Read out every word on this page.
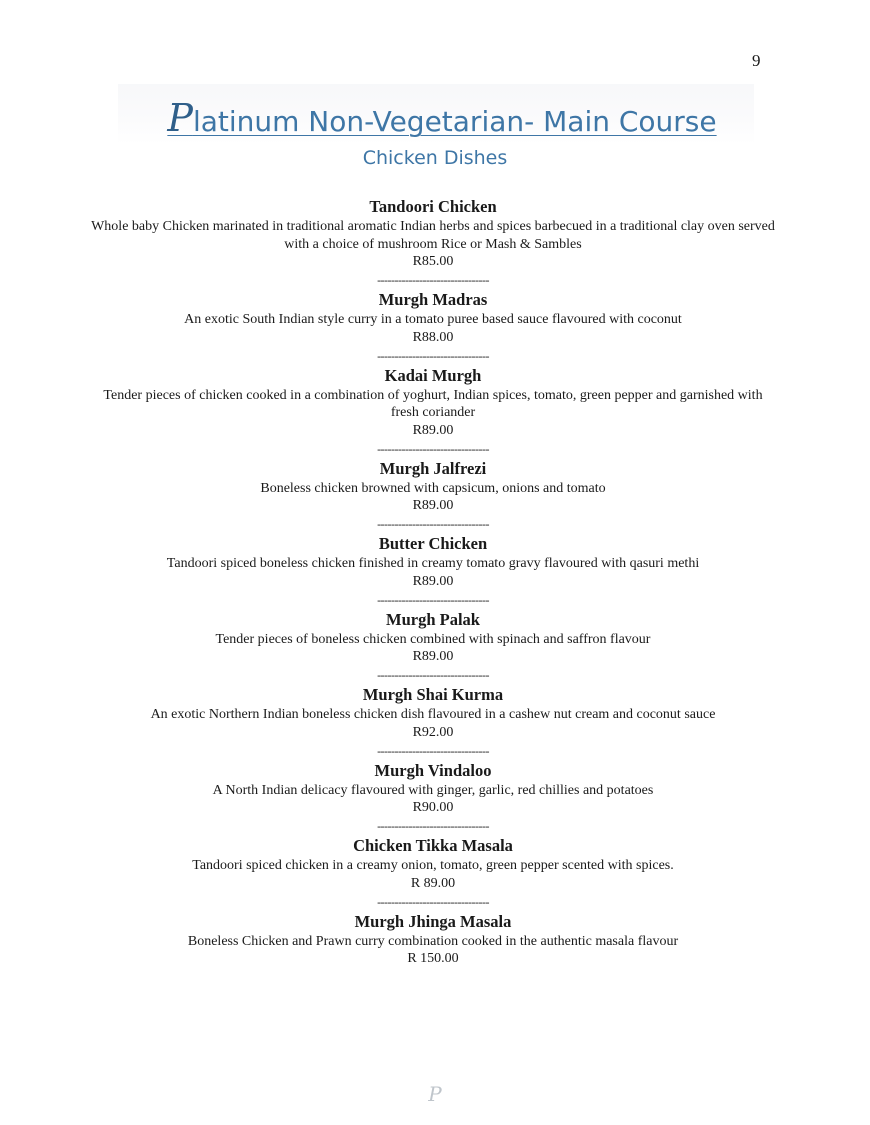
9
Platinum Non-Vegetarian- Main Course
Chicken Dishes
Tandoori Chicken
Whole baby Chicken marinated in traditional aromatic Indian herbs and spices barbecued in a traditional clay oven served with a choice of mushroom Rice or Mash & Sambles
R85.00
--------------------------------
Murgh Madras
An exotic South Indian style curry in a tomato puree based sauce flavoured with coconut
R88.00
--------------------------------
Kadai Murgh
Tender pieces of chicken cooked in a combination of yoghurt, Indian spices, tomato, green pepper and garnished with fresh coriander
R89.00
--------------------------------
Murgh Jalfrezi
Boneless chicken browned with capsicum, onions and tomato
R89.00
--------------------------------
Butter Chicken
Tandoori spiced boneless chicken finished in creamy tomato gravy flavoured with qasuri methi
R89.00
--------------------------------
Murgh Palak
Tender pieces of boneless chicken combined with spinach and saffron flavour
R89.00
--------------------------------
Murgh Shai Kurma
An exotic Northern Indian boneless chicken dish flavoured in a cashew nut cream and coconut sauce
R92.00
--------------------------------
Murgh Vindaloo
A North Indian delicacy flavoured with ginger, garlic, red chillies and potatoes
R90.00
--------------------------------
Chicken Tikka Masala
Tandoori spiced chicken in a creamy onion, tomato, green pepper scented with spices.
R 89.00
--------------------------------
Murgh Jhinga Masala
Boneless Chicken and Prawn curry combination cooked in the authentic masala flavour
R 150.00
P
